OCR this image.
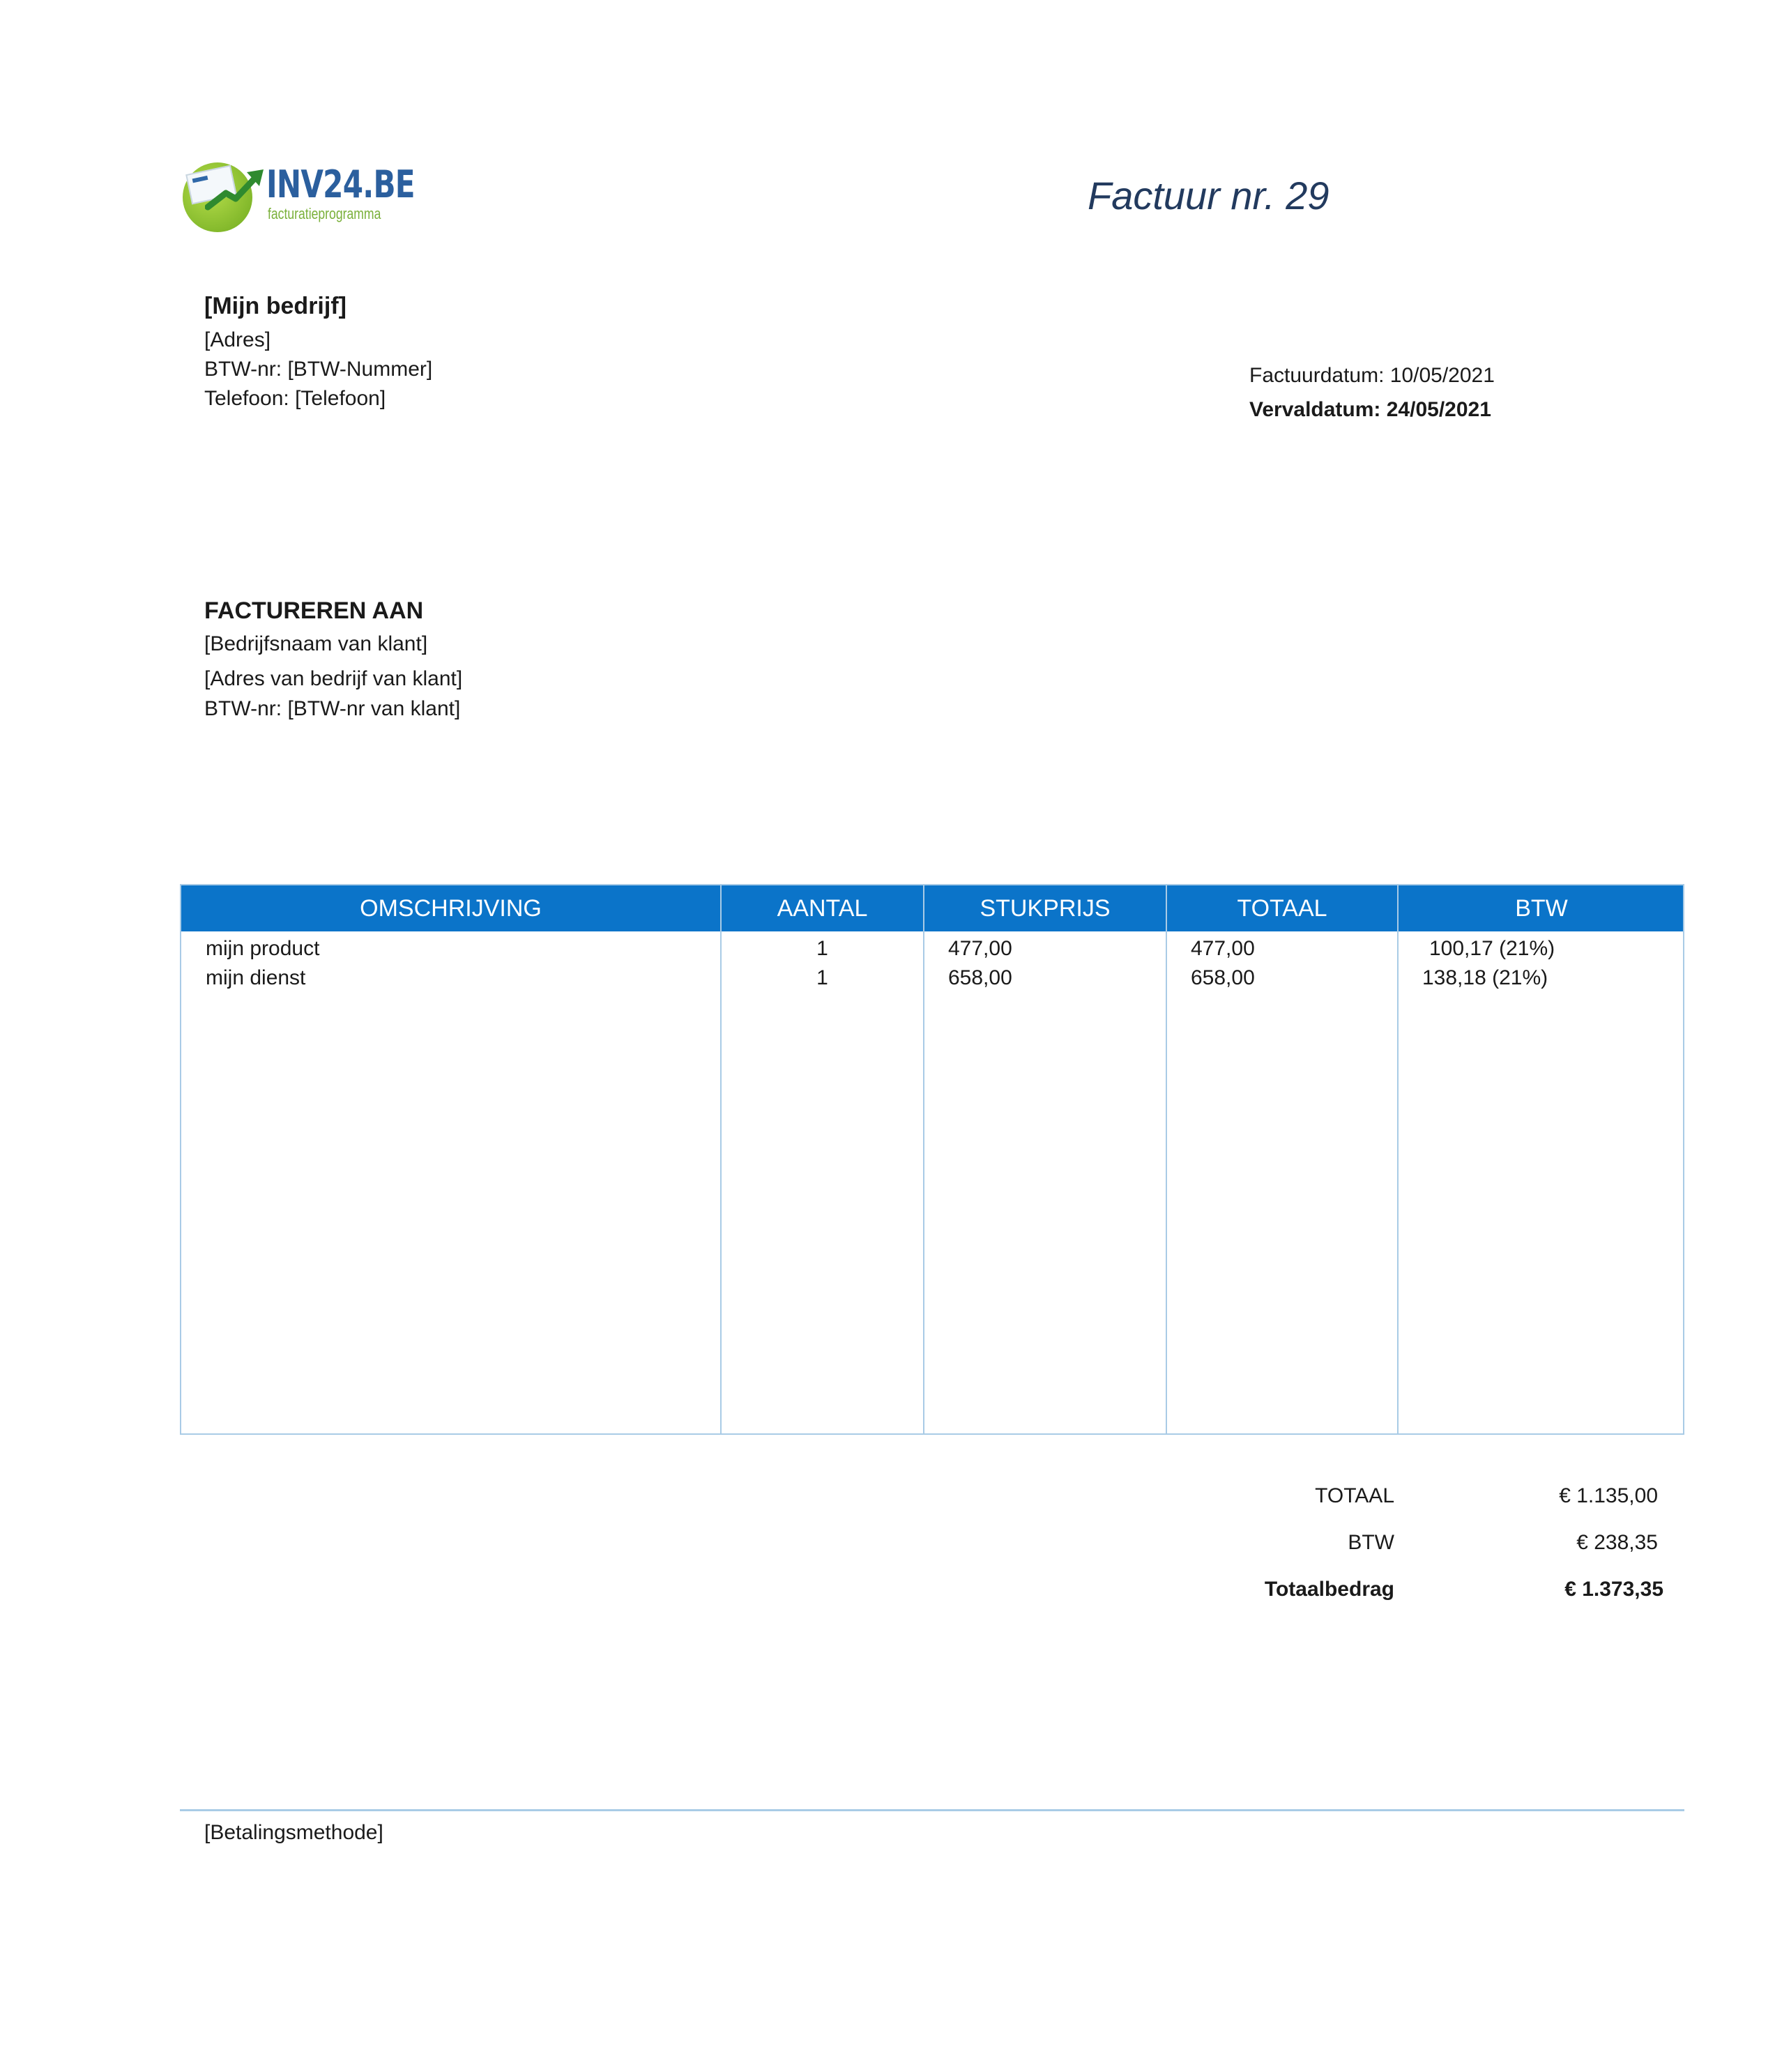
INV24.BE
facturatieprogramma	Factuur nr. 29
[Mijn bedrijf]
[Adres]
BTW-nr: [BTW-Nummer]
Telefoon: [Telefoon]
Factuurdatum: 10/05/2021
Vervaldatum: 24/05/2021
FACTUREREN AAN
[Bedrijfsnaam van klant]
[Adres van bedrijf van klant]
BTW-nr: [BTW-nr van klant]
OMSCHRIJVING	AANTAL	STUKPRIJS	TOTAAL	BTW
mijn product	1	477,00	477,00	100,17 (21%)
mijn dienst	1	658,00	658,00	138,18 (21%)
TOTAAL	€ 1.135,00
BTW	€ 238,35
Totaalbedrag	€ 1.373,35
[Betalingsmethode]
